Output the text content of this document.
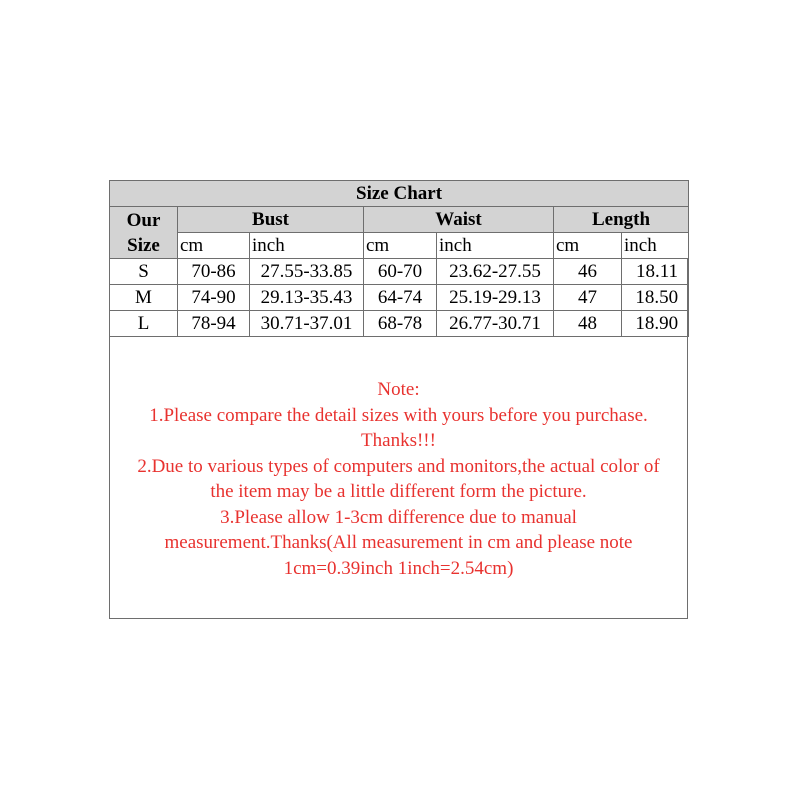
Size Chart						

Our
Size	Bust		Waist		Length	
	cm	inch	cm	inch	cm	inch
S	70-86	27.55-33.85	60-70	23.62-27.55	46	18.11
M	74-90	29.13-35.43	64-74	25.19-29.13	47	18.50
L	78-94	30.71-37.01	68-78	26.77-30.71	48	18.90
Note:
1.Please compare the detail sizes with yours before you purchase.
Thanks!!!
2.Due to various types of computers and monitors,the actual color of
the item may be a little different form the picture.
3.Please allow 1-3cm difference due to manual
measurement.Thanks(All measurement in cm and please note
1cm=0.39inch 1inch=2.54cm)
